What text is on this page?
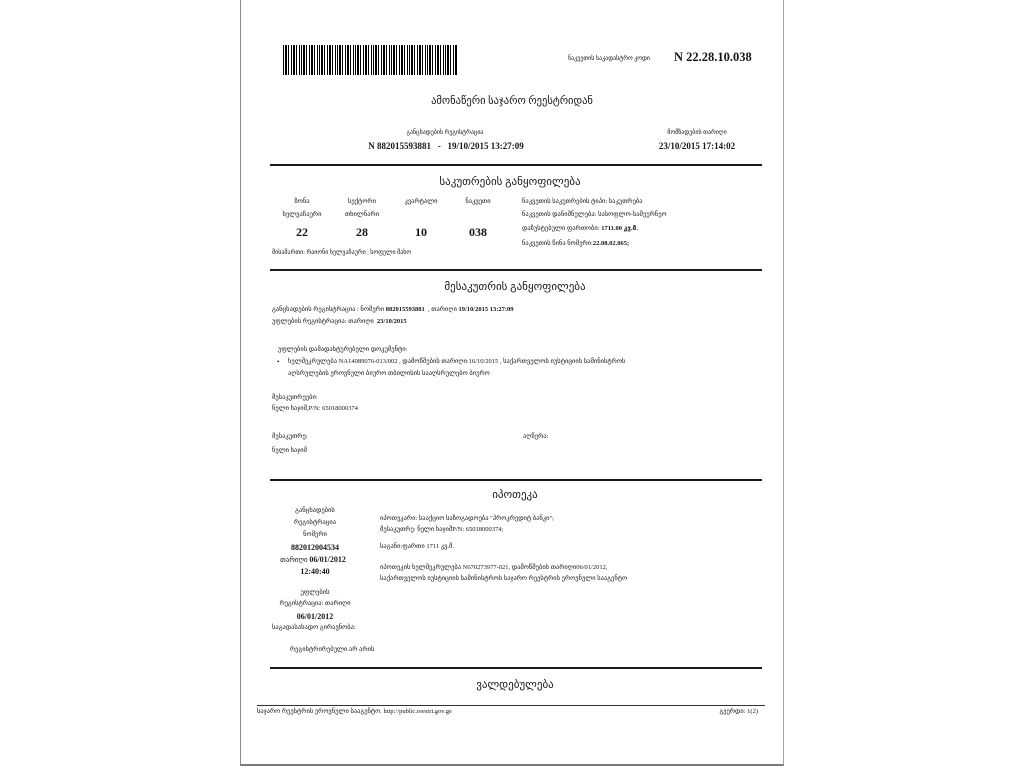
ნაკვეთის საკადასტრო კოდი N 22.28.10.038
ამონაწერი საჯარო რეესტრიდან
განცხადების რეგისტრაცია
N 882015593881   -   19/10/2015 13:27:09
მომზადების თარიღი
23/10/2015 17:14:02
საკუთრების განყოფილება
ზონა	სექტორი	კვარტალი	ნაკვეთი
ხელვაჩაური	თხილნარი
22	28	10	038
მისამართი: რაიონი ხელვაჩაური , სოფელი მახო
ნაკვეთის საკუთრების ტიპი: საკუთრება
ნაკვეთის დანიშნულება: სასოფლო-სამეურნეო
დაზუსტებული ფართობი: 1711.00 კვ.მ.
ნაკვეთის წინა ნომერი:22.08.02.065;
მესაკუთრის განყოფილება
განცხადების რეგისტრაცია : ნომერი 882015593881  , თარიღი 19/10/2015 13:27:09
უფლების რეგისტრაცია: თარიღი  23/10/2015
უფლების დამადასტურებელი დოკუმენტი:
• ხელშეკრულება NA14089076-013/002 , დამოწმების თარიღი:16/10/2015 , საქართველოს იუსტიციის სამინისტროს
აღსრულების ეროვნული ბიურო თბილისის სააღსრულებო ბიურო
მესაკუთრეები:
ნელი ხაჯიშ,P/N: 65018000374
მესაკუთრე:	აღწერა:
ნელი ხაჯიშ
იპოთეკა
განცხადების
რეგისტრაცია
ნომერი
882012004534
თარიღი 06/01/2012
12:40:40
უფლების
რეგისტრაცია: თარიღი
06/01/2012
იპოთეკარი: სააქციო საზოგადოება "პროკრედიტ ბანკი";
მესაკუთრე: ნელი ხაჯიშP/N: 65018000374;
საგანი:ფართი 1711 კვ.მ.
იპოთეკის ხელშეკრულება N670273977-021, დამოწმების თარიღი06/01/2012,
საქართველოს იუსტიციის სამინისტროს საჯარო რეესტრის ეროვნული სააგენტო
საგადასახადო გირავნობა:
რეგისტრირებული არ არის
ვალდებულება
საჯარო რეესტრის ეროვნული სააგენტო. http://public.reestri.gov.ge	გვერდი: 1(2)
